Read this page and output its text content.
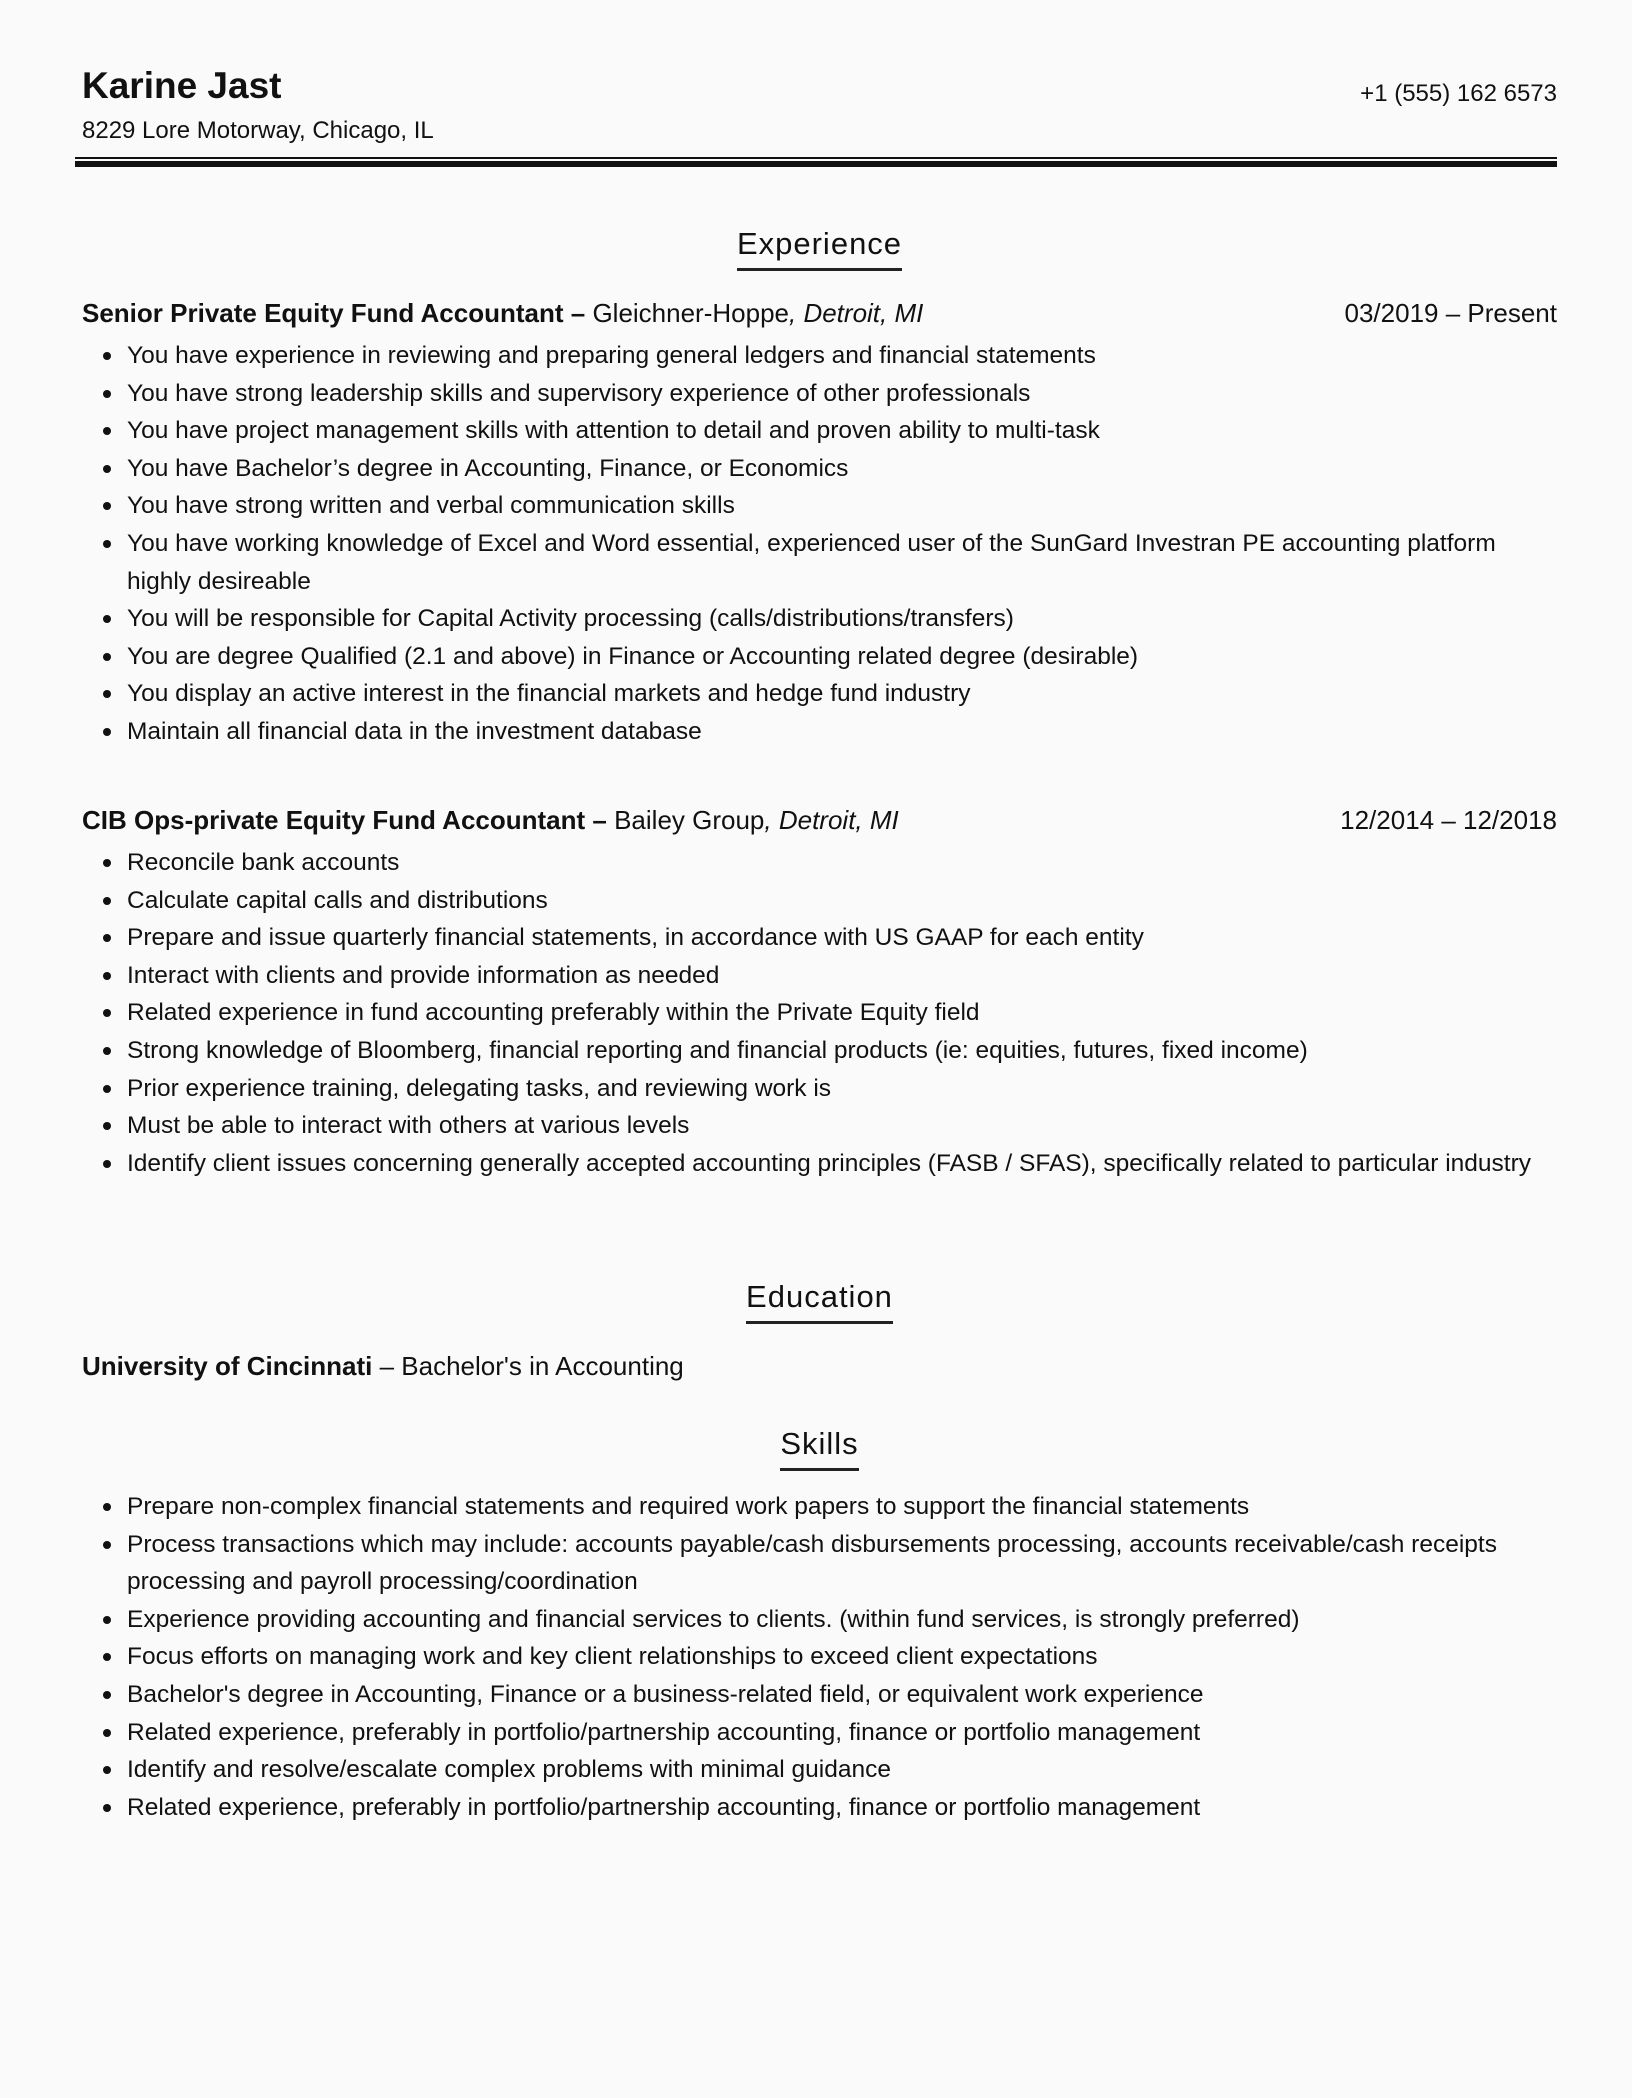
Karine Jast
8229 Lore Motorway, Chicago, IL
+1 (555) 162 6573
Experience
Senior Private Equity Fund Accountant – Gleichner-Hoppe, Detroit, MI	03/2019 – Present
You have experience in reviewing and preparing general ledgers and financial statements
You have strong leadership skills and supervisory experience of other professionals
You have project management skills with attention to detail and proven ability to multi-task
You have Bachelor’s degree in Accounting, Finance, or Economics
You have strong written and verbal communication skills
You have working knowledge of Excel and Word essential, experienced user of the SunGard Investran PE accounting platform highly desireable
You will be responsible for Capital Activity processing (calls/distributions/transfers)
You are degree Qualified (2.1 and above) in Finance or Accounting related degree (desirable)
You display an active interest in the financial markets and hedge fund industry
Maintain all financial data in the investment database
CIB Ops-private Equity Fund Accountant – Bailey Group, Detroit, MI	12/2014 – 12/2018
Reconcile bank accounts
Calculate capital calls and distributions
Prepare and issue quarterly financial statements, in accordance with US GAAP for each entity
Interact with clients and provide information as needed
Related experience in fund accounting preferably within the Private Equity field
Strong knowledge of Bloomberg, financial reporting and financial products (ie: equities, futures, fixed income)
Prior experience training, delegating tasks, and reviewing work is
Must be able to interact with others at various levels
Identify client issues concerning generally accepted accounting principles (FASB / SFAS), specifically related to particular industry
Education
University of Cincinnati – Bachelor's in Accounting
Skills
Prepare non-complex financial statements and required work papers to support the financial statements
Process transactions which may include: accounts payable/cash disbursements processing, accounts receivable/cash receipts processing and payroll processing/coordination
Experience providing accounting and financial services to clients. (within fund services, is strongly preferred)
Focus efforts on managing work and key client relationships to exceed client expectations
Bachelor's degree in Accounting, Finance or a business-related field, or equivalent work experience
Related experience, preferably in portfolio/partnership accounting, finance or portfolio management
Identify and resolve/escalate complex problems with minimal guidance
Related experience, preferably in portfolio/partnership accounting, finance or portfolio management
